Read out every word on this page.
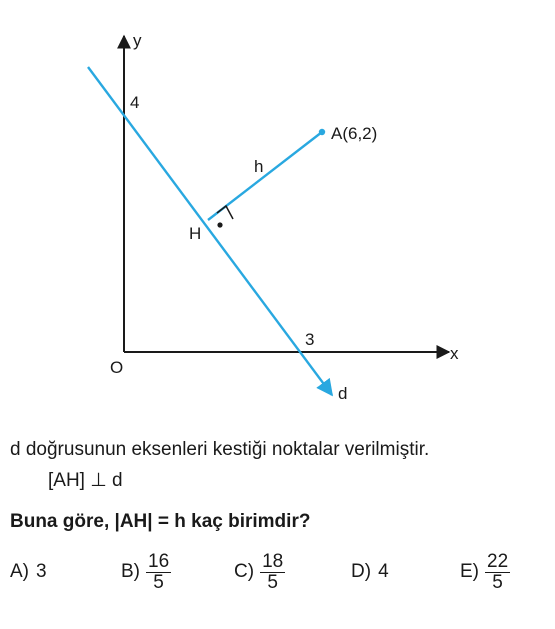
y
x
O
4
3
A(6,2)
H
h
d
d doğrusunun eksenleri kestiği noktalar verilmiştir.
[AH] ⊥ d
Buna göre, |AH| = h kaç birimdir?
A) 3	$B) \frac{16}{5}$	$C) \frac{18}{5}$	D) 4	$E) \frac{22}{5}$
